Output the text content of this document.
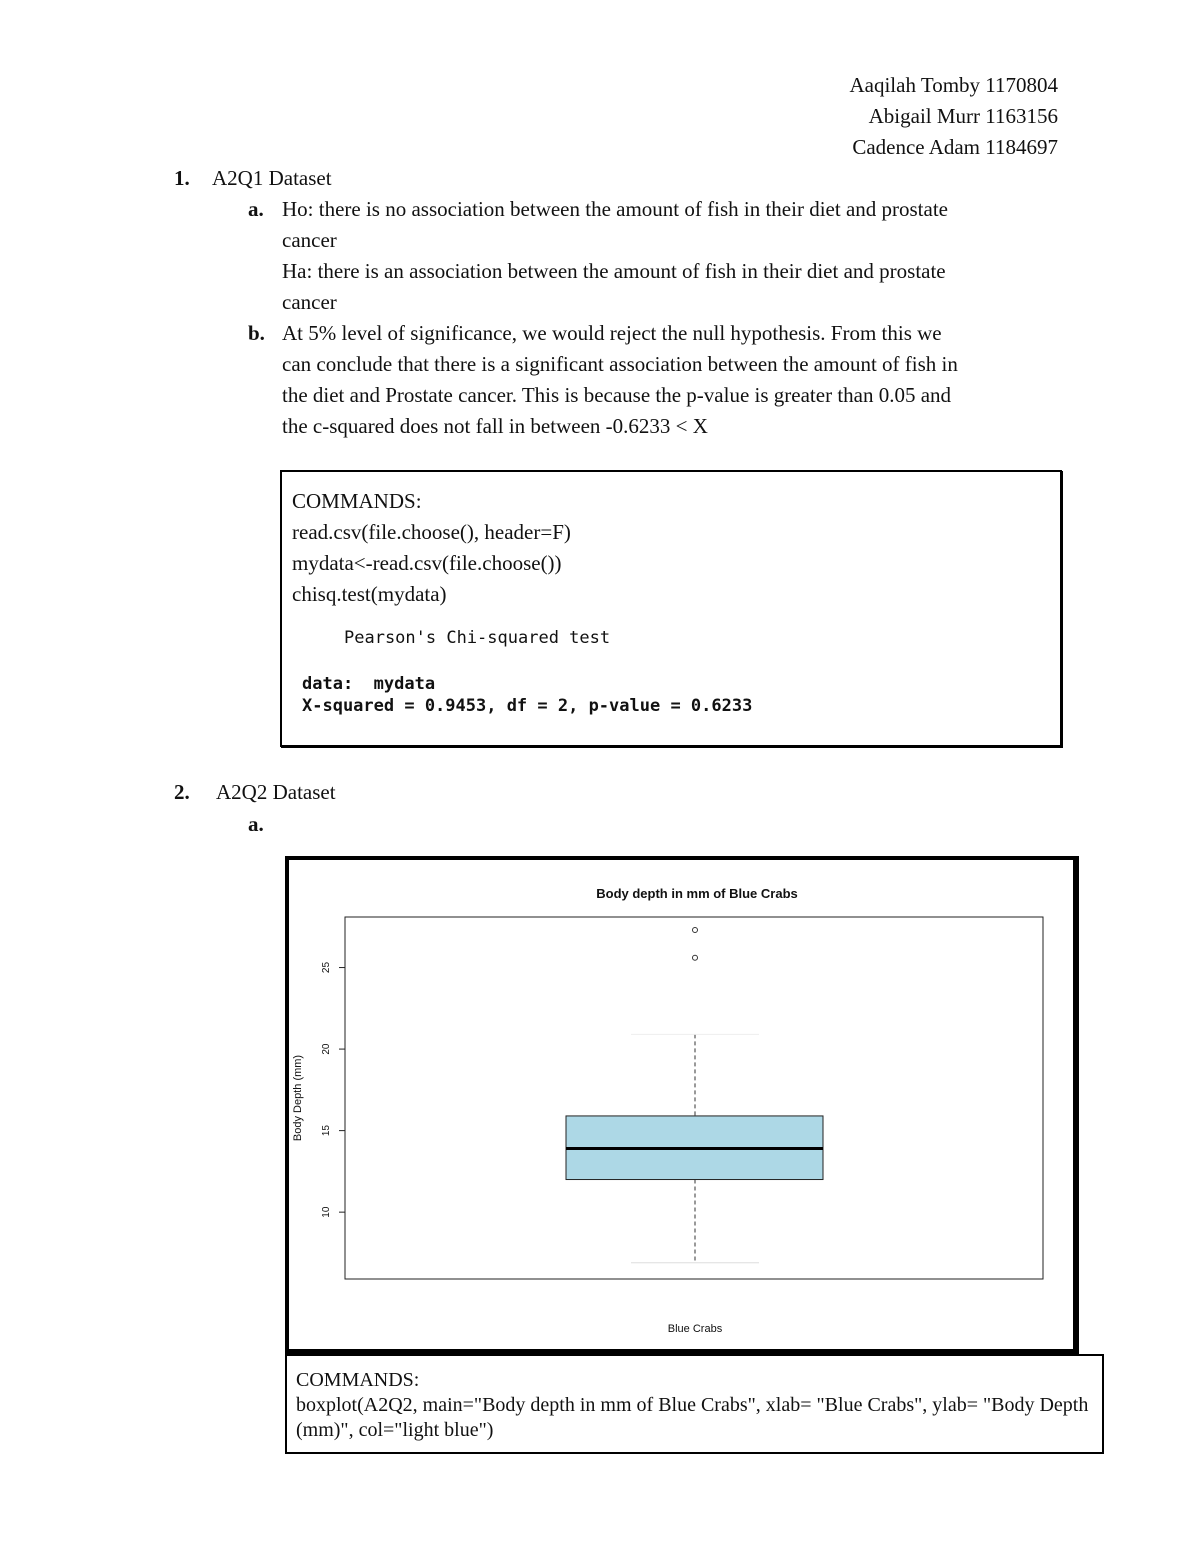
Aaqilah Tomby 1170804
Abigail Murr 1163156
Cadence Adam 1184697
1. A2Q1 Dataset
a. Ho: there is no association between the amount of fish in their diet and prostate
cancer
Ha: there is an association between the amount of fish in their diet and prostate
cancer
b. At 5% level of significance, we would reject the null hypothesis. From this we
can conclude that there is a significant association between the amount of fish in
the diet and Prostate cancer. This is because the p-value is greater than 0.05 and
the c-squared does not fall in between -0.6233 < X
COMMANDS:
read.csv(file.choose(), header=F)
mydata<-read.csv(file.choose())
chisq.test(mydata)
Pearson's Chi-squared test
data:  mydata
X-squared = 0.9453, df = 2, p-value = 0.6233
2. A2Q2 Dataset
a.
Body depth in mm of Blue Crabs
10
15
20
25
Blue Crabs
Body Depth (mm)
COMMANDS:
boxplot(A2Q2, main="Body depth in mm of Blue Crabs", xlab= "Blue Crabs", ylab= "Body Depth (mm)", col="light blue")
